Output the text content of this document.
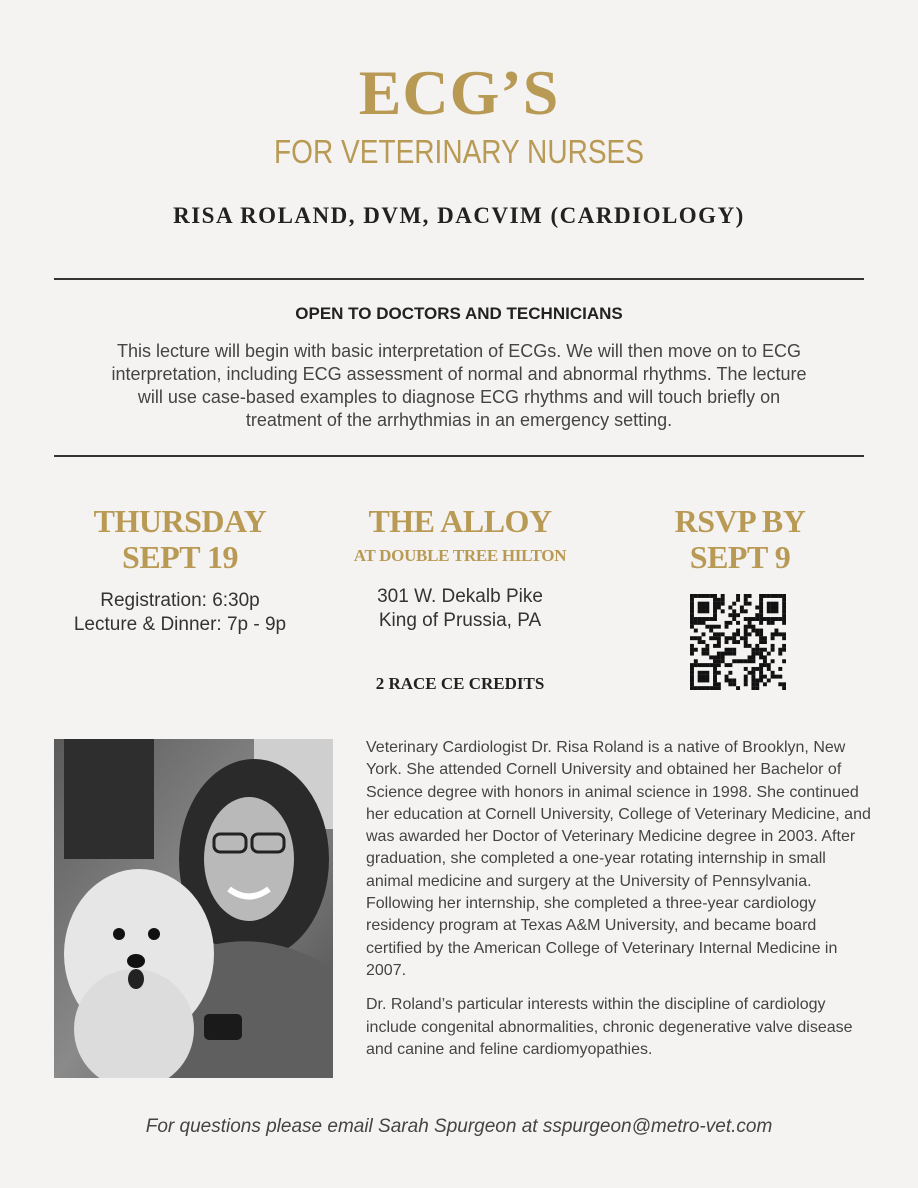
ECG’S
FOR VETERINARY NURSES
RISA ROLAND, DVM, DACVIM (CARDIOLOGY)
OPEN TO DOCTORS AND TECHNICIANS
This lecture will begin with basic interpretation of ECGs. We will then move on to ECG interpretation, including ECG assessment of normal and abnormal rhythms. The lecture will use case-based examples to diagnose ECG rhythms and will touch briefly on treatment of the arrhythmias in an emergency setting.
THURSDAY
SEPT 19
Registration: 6:30p
Lecture & Dinner: 7p - 9p
THE ALLOY
AT DOUBLE TREE HILTON
301 W. Dekalb Pike
King of Prussia, PA
2 RACE CE CREDITS
RSVP BY
SEPT 9

Veterinary Cardiologist Dr. Risa Roland is a native of Brooklyn, New York. She attended Cornell University and obtained her Bachelor of Science degree with honors in animal science in 1998. She continued her education at Cornell University, College of Veterinary Medicine, and was awarded her Doctor of Veterinary Medicine degree in 2003. After graduation, she completed a one-year rotating internship in small animal medicine and surgery at the University of Pennsylvania. Following her internship, she completed a three-year cardiology residency program at Texas A&M University, and became board certified by the American College of Veterinary Internal Medicine in 2007.

Dr. Roland’s particular interests within the discipline of cardiology include congenital abnormalities, chronic degenerative valve disease and canine and feline cardiomyopathies.

For questions please email Sarah Spurgeon at sspurgeon@metro-vet.com
